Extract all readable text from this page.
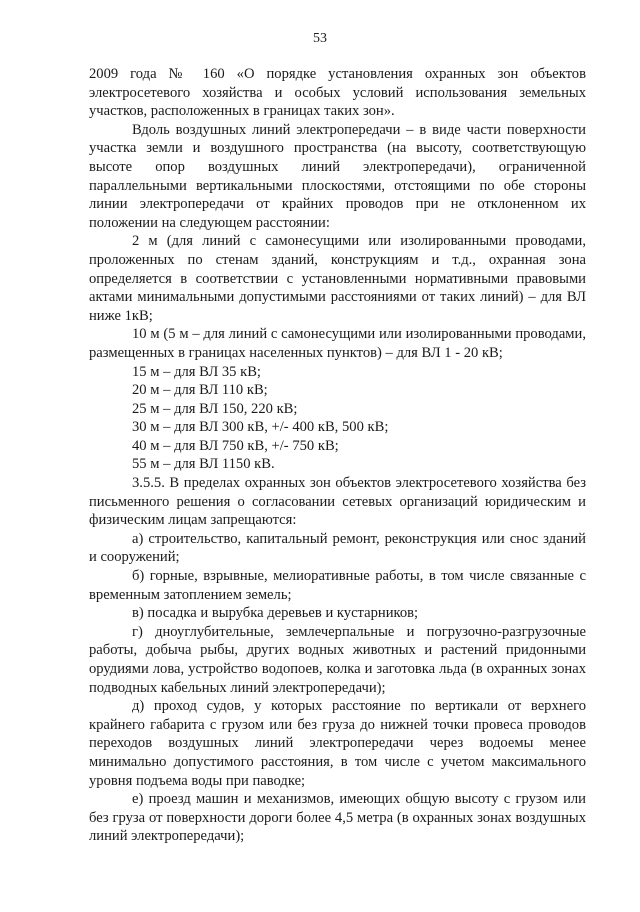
53

2009 года № 160 «О порядке установления охранных зон объектов электросетевого хозяйства и особых условий использования земельных участков, расположенных в границах таких зон».

Вдоль воздушных линий электропередачи – в виде части поверхности участка земли и воздушного пространства (на высоту, соответствующую высоте опор воздушных линий электропередачи), ограниченной параллельными вертикальными плоскостями, отстоящими по обе стороны линии электропередачи от крайних проводов при не отклоненном их положении на следующем расстоянии:

2 м (для линий с самонесущими или изолированными проводами, проложенных по стенам зданий, конструкциям и т.д., охранная зона определяется в соответствии с установленными нормативными правовыми актами минимальными допустимыми расстояниями от таких линий) – для ВЛ ниже 1кВ;

10 м (5 м – для линий с самонесущими или изолированными проводами, размещенных в границах населенных пунктов) – для ВЛ 1 - 20 кВ;

15 м – для ВЛ 35 кВ;

20 м – для ВЛ 110 кВ;

25 м – для ВЛ 150, 220 кВ;

30 м – для ВЛ 300 кВ, +/- 400 кВ, 500 кВ;

40 м – для ВЛ 750 кВ, +/- 750 кВ;

55 м – для ВЛ 1150 кВ.

3.5.5. В пределах охранных зон объектов электросетевого хозяйства без письменного решения о согласовании сетевых организаций юридическим и физическим лицам запрещаются:

а) строительство, капитальный ремонт, реконструкция или снос зданий и сооружений;

б) горные, взрывные, мелиоративные работы, в том числе связанные с временным затоплением земель;

в) посадка и вырубка деревьев и кустарников;

г) дноуглубительные, землечерпальные и погрузочно-разгрузочные работы, добыча рыбы, других водных животных и растений придонными орудиями лова, устройство водопоев, колка и заготовка льда (в охранных зонах подводных кабельных линий электропередачи);

д) проход судов, у которых расстояние по вертикали от верхнего крайнего габарита с грузом или без груза до нижней точки провеса проводов переходов воздушных линий электропередачи через водоемы менее минимально допустимого расстояния, в том числе с учетом максимального уровня подъема воды при паводке;

е) проезд машин и механизмов, имеющих общую высоту с грузом или без груза от поверхности дороги более 4,5 метра (в охранных зонах воздушных линий электропередачи);
